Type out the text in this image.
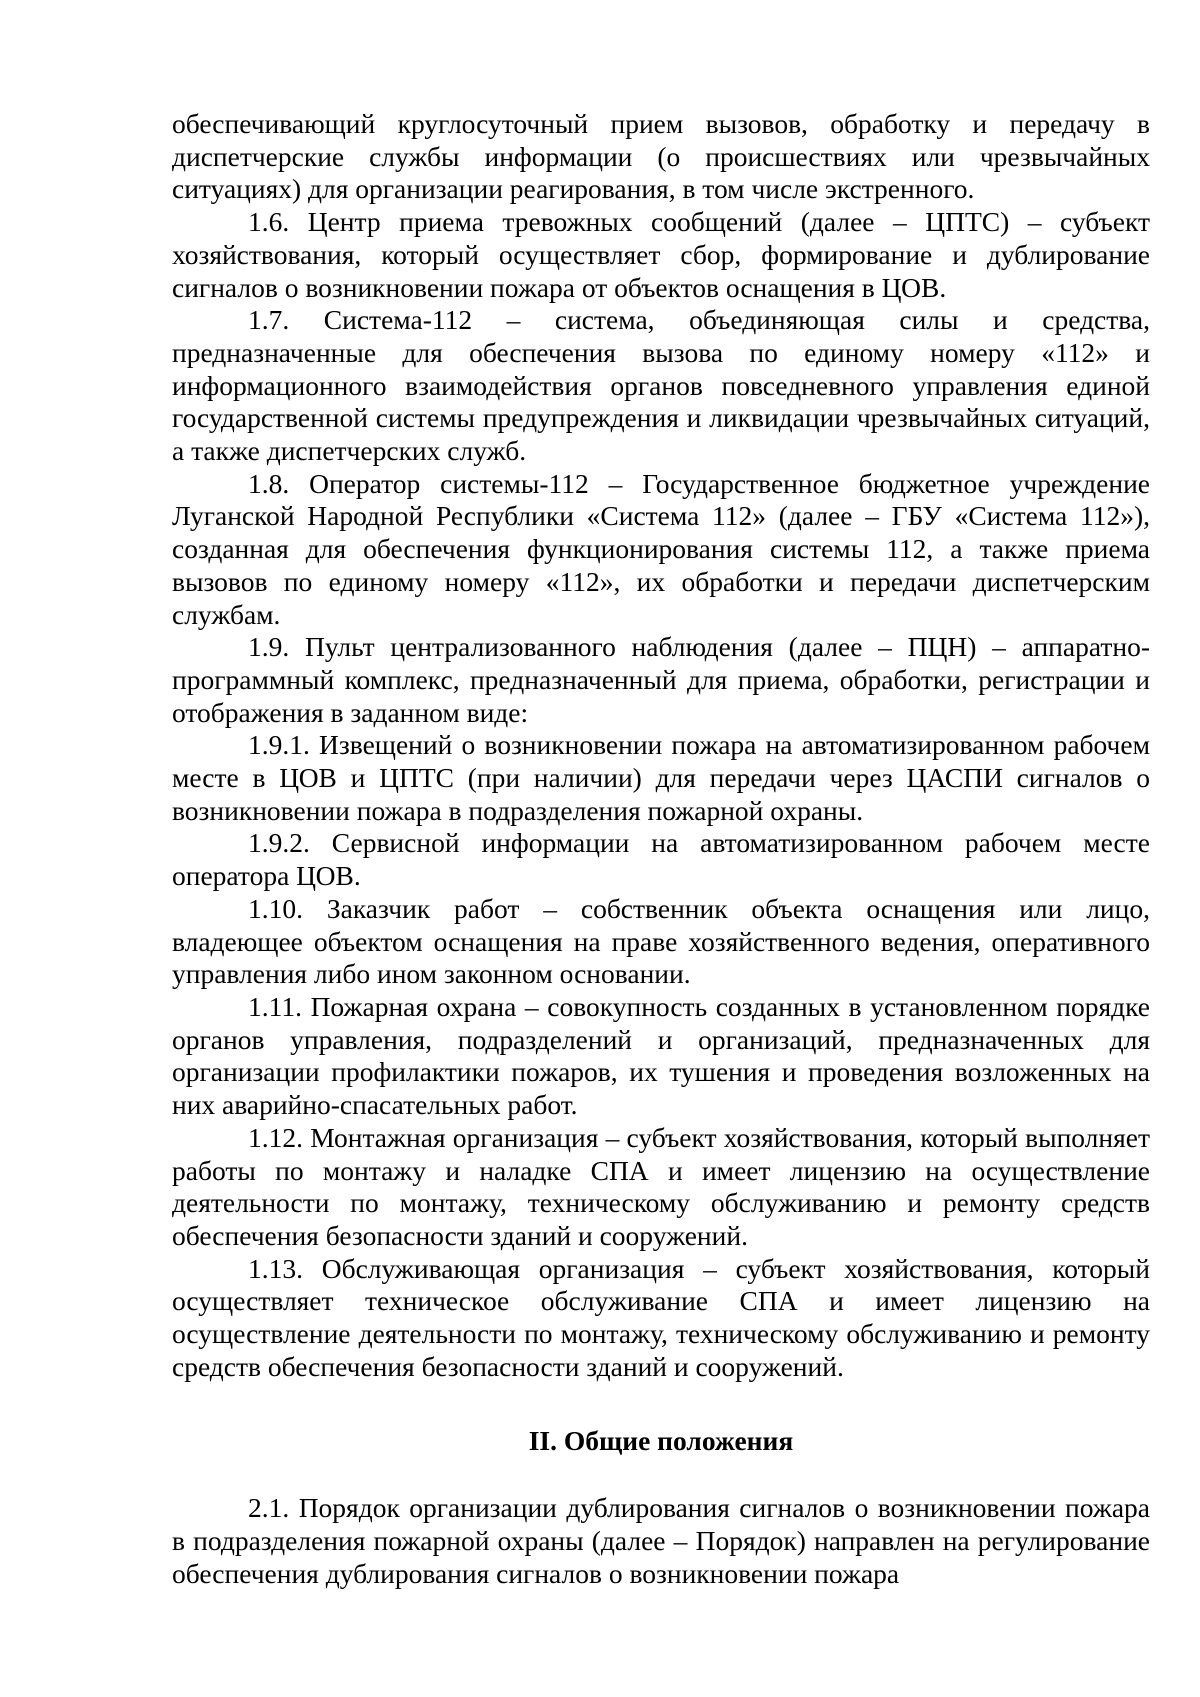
обеспечивающий круглосуточный прием вызовов, обработку и передачу в диспетчерские службы информации (о происшествиях или чрезвычайных ситуациях) для организации реагирования, в том числе экстренного.

1.6. Центр приема тревожных сообщений (далее – ЦПТС) – субъект хозяйствования, который осуществляет сбор, формирование и дублирование сигналов о возникновении пожара от объектов оснащения в ЦОВ.

1.7. Система-112 – система, объединяющая силы и средства, предназначенные для обеспечения вызова по единому номеру «112» и информационного взаимодействия органов повседневного управления единой государственной системы предупреждения и ликвидации чрезвычайных ситуаций, а также диспетчерских служб.

1.8. Оператор системы-112 – Государственное бюджетное учреждение Луганской Народной Республики «Система 112» (далее – ГБУ «Система 112»), созданная для обеспечения функционирования системы 112, а также приема вызовов по единому номеру «112», их обработки и передачи диспетчерским службам.

1.9. Пульт централизованного наблюдения (далее – ПЦН) – аппаратно-программный комплекс, предназначенный для приема, обработки, регистрации и отображения в заданном виде:

1.9.1. Извещений о возникновении пожара на автоматизированном рабочем месте в ЦОВ и ЦПТС (при наличии) для передачи через ЦАСПИ сигналов о возникновении пожара в подразделения пожарной охраны.

1.9.2. Сервисной информации на автоматизированном рабочем месте оператора ЦОВ.

1.10. Заказчик работ – собственник объекта оснащения или лицо, владеющее объектом оснащения на праве хозяйственного ведения, оперативного управления либо ином законном основании.

1.11. Пожарная охрана – совокупность созданных в установленном порядке органов управления, подразделений и организаций, предназначенных для организации профилактики пожаров, их тушения и проведения возложенных на них аварийно-спасательных работ.

1.12. Монтажная организация – субъект хозяйствования, который выполняет работы по монтажу и наладке СПА и имеет лицензию на осуществление деятельности по монтажу, техническому обслуживанию и ремонту средств обеспечения безопасности зданий и сооружений.

1.13. Обслуживающая организация – субъект хозяйствования, который осуществляет техническое обслуживание СПА и имеет лицензию на осуществление деятельности по монтажу, техническому обслуживанию и ремонту средств обеспечения безопасности зданий и сооружений.

II. Общие положения

2.1. Порядок организации дублирования сигналов о возникновении пожара в подразделения пожарной охраны (далее – Порядок) направлен на регулирование обеспечения дублирования сигналов о возникновении пожара
